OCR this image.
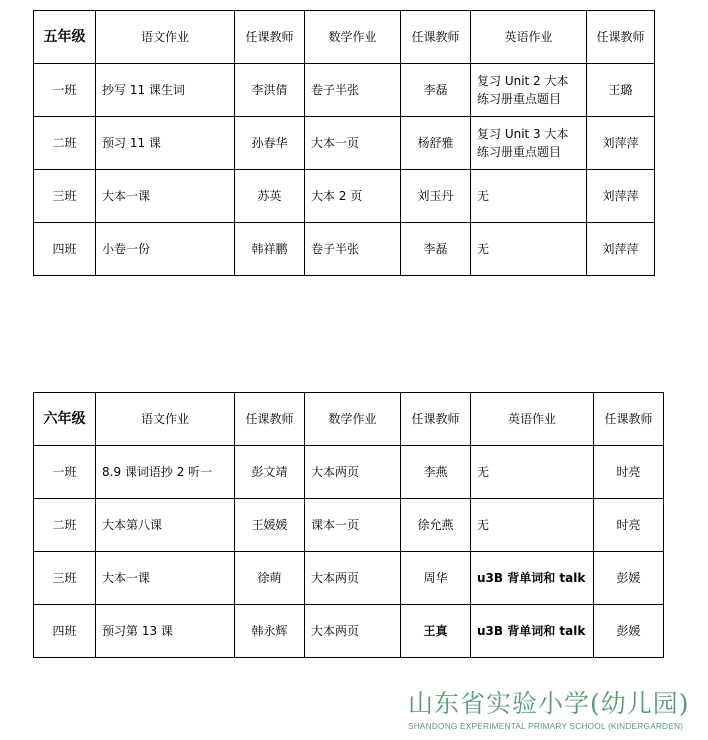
五年级	语文作业	任课教师	数学作业	任课教师	英语作业	任课教师
一班	抄写 11 课生词	李洪倩	卷子半张	李磊	复习 Unit 2 大本练习册重点题目	王璐
二班	预习 11 课	孙春华	大本一页	杨舒雅	复习 Unit 3 大本练习册重点题目	刘萍萍
三班	大本一课	苏英	大本 2 页	刘玉丹	无	刘萍萍
四班	小卷一份	韩祥鹏	卷子半张	李磊	无	刘萍萍
六年级	语文作业	任课教师	数学作业	任课教师	英语作业	任课教师
一班	8.9 课词语抄 2 听一	彭文靖	大本两页	李燕	无	时亮
二班	大本第八课	王媛媛	课本一页	徐允燕	无	时亮
三班	大本一课	徐萌	大本两页	周华	u3B 背单词和 talk	彭媛
四班	预习第 13 课	韩永辉	大本两页	王真	u3B 背单词和 talk	彭媛
山东省实验小学(幼儿园)
SHANDONG EXPERIMENTAL PRIMARY SCHOOL (KINDERGARDEN)
